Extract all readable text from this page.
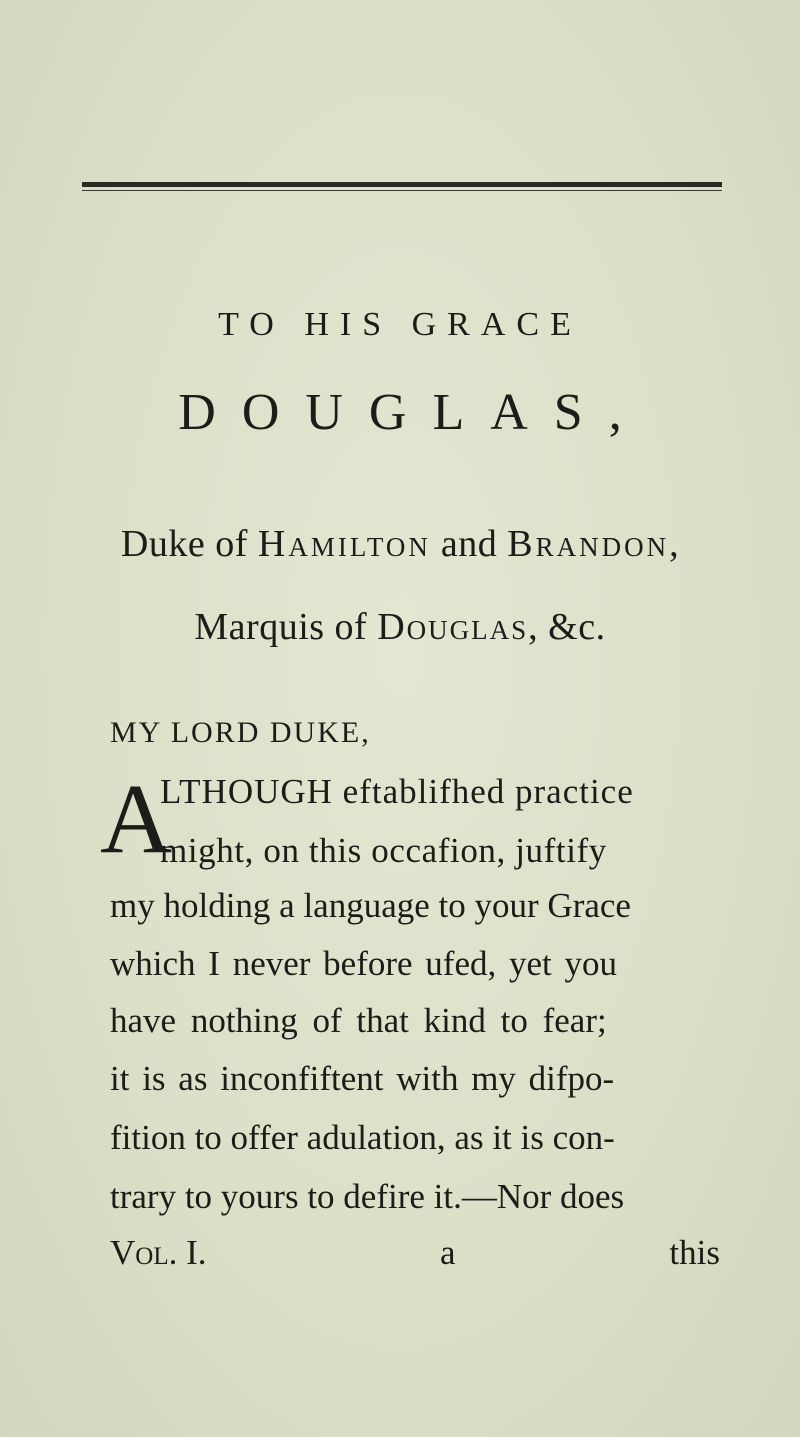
TO HIS GRACE
DOUGLAS,
Duke of Hamilton and Brandon,
Marquis of Douglas, &c.
MY LORD DUKE,
A
LTHOUGH eftablifhed practice
might, on this occafion, juftify
my holding a language to your Grace
which I never before ufed, yet you
have nothing of that kind to fear;
it is as inconfiftent with my difpo-
fition to offer adulation, as it is con-
trary to yours to defire it.—Nor does
Vol. I.	a	this
